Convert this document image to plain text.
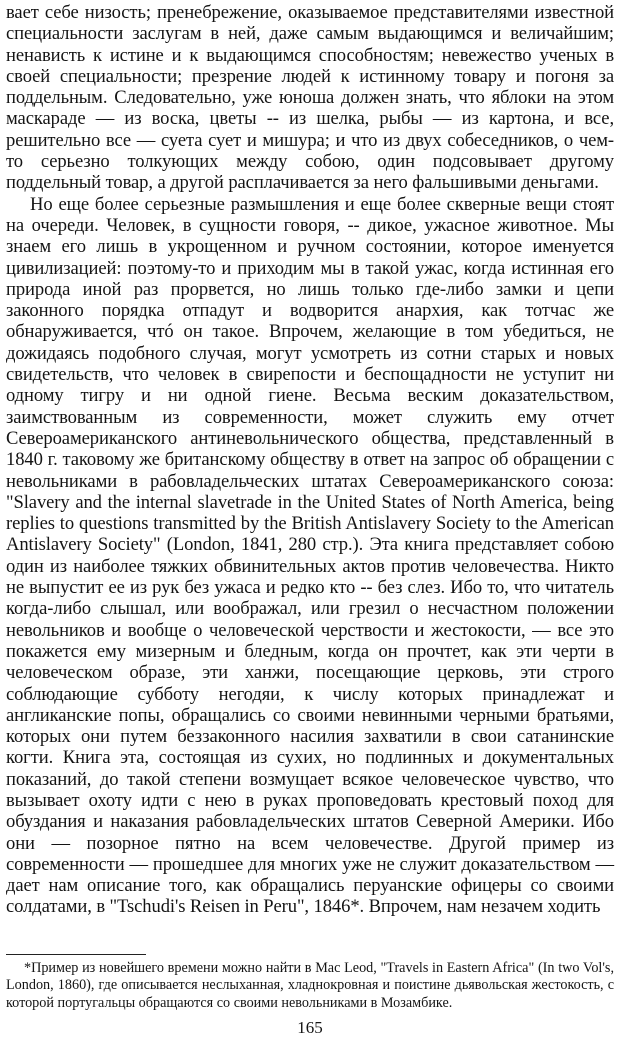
вает себе низость; пренебрежение, оказываемое представителями известной специальности заслугам в ней, даже самым выдающимся и величайшим; ненависть к истине и к выдающимся способностям; невежество ученых в своей специальности; презрение людей к истинному товару и погоня за поддельным. Следовательно, уже юноша должен знать, что яблоки на этом маскараде — из воска, цветы -- из шелка, рыбы — из картона, и все, решительно все — суета сует и мишура; и что из двух собеседников, о чем-то серьезно толкующих между собою, один подсовывает другому поддельный товар, а другой расплачивается за него фальшивыми деньгами.

Но еще более серьезные размышления и еще более скверные вещи стоят на очереди. Человек, в сущности говоря, -- дикое, ужасное животное. Мы знаем его лишь в укрощенном и ручном состоянии, которое именуется цивилизацией: поэтому-то и приходим мы в такой ужас, когда истинная его природа иной раз прорвется, но лишь только где-либо замки и цепи законного порядка отпадут и водворится анархия, как тотчас же обнаруживается, чтó он такое. Впрочем, желающие в том убедиться, не дожидаясь подобного случая, могут усмотреть из сотни старых и новых свидетельств, что человек в свирепости и беспощадности не уступит ни одному тигру и ни одной гиене. Весьма веским доказательством, заимствованным из современности, может служить ему отчет Североамериканского антиневольнического общества, представленный в 1840 г. таковому же британскому обществу в ответ на запрос об обращении с невольниками в рабовладельческих штатах Североамериканского союза: "Slavery and the internal slavetrade in the United States of North America, being replies to questions transmitted by the British Antislavery Society to the American Antislavery Society" (London, 1841, 280 стр.). Эта книга представляет собою один из наиболее тяжких обвинительных актов против человечества. Никто не выпустит ее из рук без ужаса и редко кто -- без слез. Ибо то, что читатель когда-либо слышал, или воображал, или грезил о несчастном положении невольников и вообще о человеческой черствости и жестокости, — все это покажется ему мизерным и бледным, когда он прочтет, как эти черти в человеческом образе, эти ханжи, посещающие церковь, эти строго соблюдающие субботу негодяи, к числу которых принадлежат и англиканские попы, обращались со своими невинными черными братьями, которых они путем беззаконного насилия захватили в свои сатанинские когти. Книга эта, состоящая из сухих, но подлинных и документальных показаний, до такой степени возмущает всякое человеческое чувство, что вызывает охоту идти с нею в руках проповедовать крестовый поход для обуздания и наказания рабовладельческих штатов Северной Америки. Ибо они — позорное пятно на всем человечестве. Другой пример из современности — прошедшее для многих уже не служит доказательством — дает нам описание того, как обращались перуанские офицеры со своими солдатами, в "Tschudi's Reisen in Peru", 1846*. Впрочем, нам незачем ходить

*Пример из новейшего времени можно найти в Mac Leod, "Travels in Eastern Africa" (In two Vol's, London, 1860), где описывается неслыханная, хладнокровная и поистине дьявольская жестокость, с которой португальцы обращаются со своими невольниками в Мозамбике.

165
